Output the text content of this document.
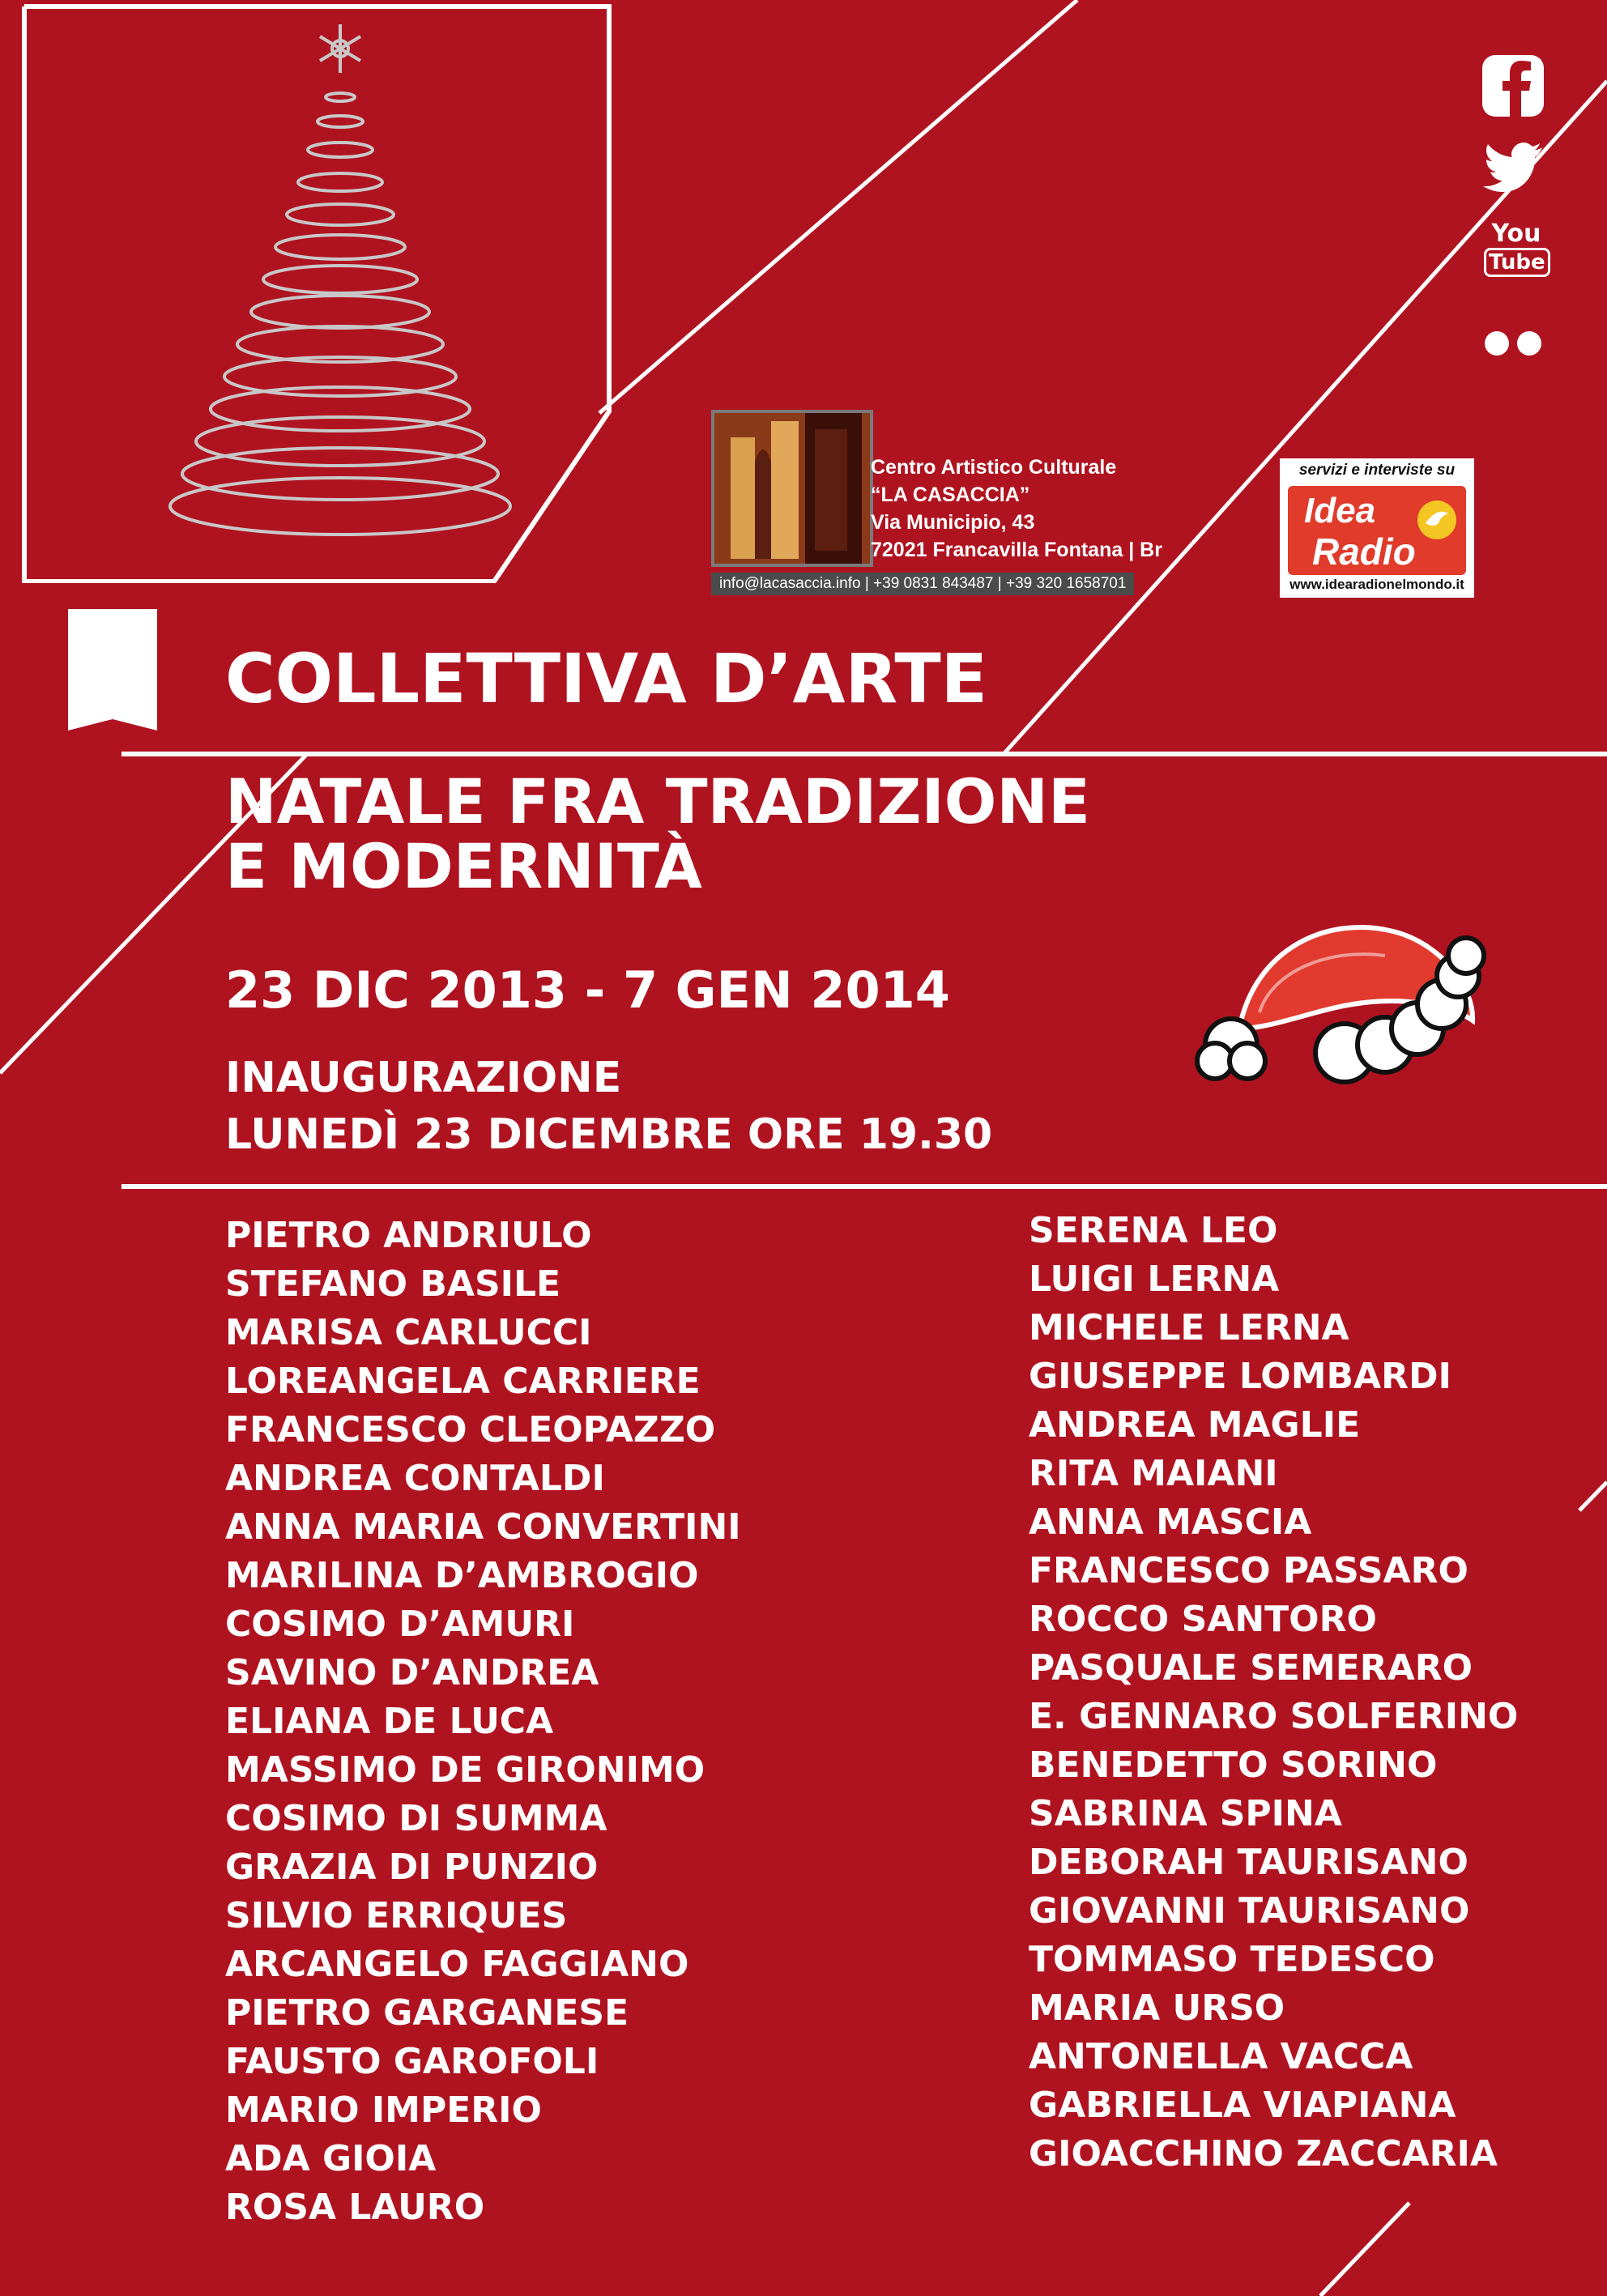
You
Tube
Centro Artistico Culturale
“LA CASACCIA”
Via Municipio, 43
72021 Francavilla Fontana | Br
info@lacasaccia.info | +39 0831 843487 | +39 320 1658701
servizi e interviste su
Idea
Radio
www.idearadionelmondo.it
COLLETTIVA D’ARTE
NATALE FRA TRADIZIONE
E MODERNITÀ
23 DIC 2013 - 7 GEN 2014
INAUGURAZIONE
LUNEDÌ 23 DICEMBRE ORE 19.30
PIETRO ANDRIULO
STEFANO BASILE
MARISA CARLUCCI
LOREANGELA CARRIERE
FRANCESCO CLEOPAZZO
ANDREA CONTALDI
ANNA MARIA CONVERTINI
MARILINA D’AMBROGIO
COSIMO D’AMURI
SAVINO D’ANDREA
ELIANA DE LUCA
MASSIMO DE GIRONIMO
COSIMO DI SUMMA
GRAZIA DI PUNZIO
SILVIO ERRIQUES
ARCANGELO FAGGIANO
PIETRO GARGANESE
FAUSTO GAROFOLI
MARIO IMPERIO
ADA GIOIA
ROSA LAURO
SERENA LEO
LUIGI LERNA
MICHELE LERNA
GIUSEPPE LOMBARDI
ANDREA MAGLIE
RITA MAIANI
ANNA MASCIA
FRANCESCO PASSARO
ROCCO SANTORO
PASQUALE SEMERARO
E. GENNARO SOLFERINO
BENEDETTO SORINO
SABRINA SPINA
DEBORAH TAURISANO
GIOVANNI TAURISANO
TOMMASO TEDESCO
MARIA URSO
ANTONELLA VACCA
GABRIELLA VIAPIANA
GIOACCHINO ZACCARIA
